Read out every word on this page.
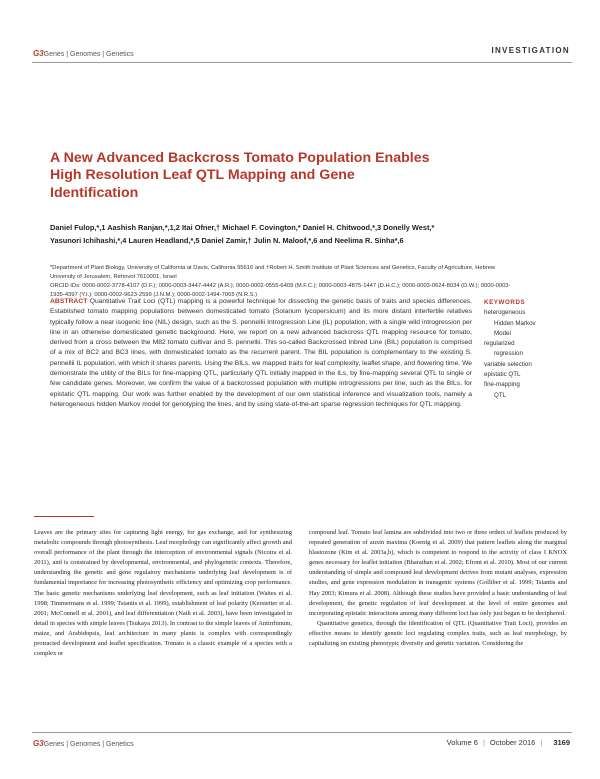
G3Genes | Genomes | Genetics	INVESTIGATION
A New Advanced Backcross Tomato Population Enables High Resolution Leaf QTL Mapping and Gene Identification
Daniel Fulop,*,1 Aashish Ranjan,*,1,2 Itai Ofner,† Michael F. Covington,* Daniel H. Chitwood,*,3 Donelly West,* Yasunori Ichihashi,*,4 Lauren Headland,*,5 Daniel Zamir,† Julin N. Maloof,*,6 and Neelima R. Sinha*,6
*Department of Plant Biology, University of California at Davis, California 95616 and †Robert H. Smith Institute of Plant Sciences and Genetics, Faculty of Agriculture, Hebrew University of Jerusalem, Rehovot 7610001, Israel
ORCID IDs: 0000-0002-3778-4107 (D.F.); 0000-0003-3447-4442 (A.R.); 0000-0002-0555-6409 (M.F.C.); 0000-0003-4875-1447 (D.H.C.); 0000-0003-0624-8034 (D.W.); 0000-0003-1935-4397 (Y.I.); 0000-0002-9623-2599 (J.N.M.); 0000-0002-1494-7065 (N.R.S.)
ABSTRACT Quantitative Trait Loci (QTL) mapping is a powerful technique for dissecting the genetic basis of traits and species differences. Established tomato mapping populations between domesticated tomato (Solanum lycopersicum) and its more distant interfertile relatives typically follow a near isogenic line (NIL) design, such as the S. pennellii Introgression Line (IL) population, with a single wild introgression per line in an otherwise domesticated genetic background. Here, we report on a new advanced backcross QTL mapping resource for tomato, derived from a cross between the M82 tomato cultivar and S. pennellii. This so-called Backcrossed Inbred Line (BIL) population is comprised of a mix of BC2 and BC3 lines, with domesticated tomato as the recurrent parent. The BIL population is complementary to the existing S. pennellii IL population, with which it shares parents. Using the BILs, we mapped traits for leaf complexity, leaflet shape, and flowering time. We demonstrate the utility of the BILs for fine-mapping QTL, particularly QTL initially mapped in the ILs, by fine-mapping several QTL to single or few candidate genes. Moreover, we confirm the value of a backcrossed population with multiple introgressions per line, such as the BILs, for epistatic QTL mapping. Our work was further enabled by the development of our own statistical inference and visualization tools, namely a heterogeneous hidden Markov model for genotyping the lines, and by using state-of-the-art sparse regression techniques for QTL mapping.
KEYWORDS
heterogeneous
Hidden Markov
Model
regularized
regression
variable selection
epistatic QTL
fine-mapping
QTL

Leaves are the primary sites for capturing light energy, for gas exchange, and for synthesizing metabolic compounds through photosynthesis. Leaf morphology can significantly affect growth and overall performance of the plant through the interception of environmental signals (Nicotra et al. 2011), and is constrained by developmental, environmental, and phylogenetic contexts. Therefore, understanding the genetic and gene regulatory mechanisms underlying leaf development is of fundamental importance for increasing photosynthetic efficiency and optimizing crop performance. The basic genetic mechanisms underlying leaf development, such as leaf initiation (Waites et al. 1998; Timmermans et al. 1999; Tsiantis et al. 1999), establishment of leaf polarity (Kerstetter et al. 2001; McConnell et al. 2001), and leaf differentiation (Nath et al. 2003), have been investigated in detail in species with simple leaves (Tsukaya 2013). In contrast to the simple leaves of Antirrhinum, maize, and Arabidopsis, leaf architecture in many plants is complex with correspondingly protracted development and leaflet specification. Tomato is a classic example of a species with a complex or

compound leaf. Tomato leaf lamina are subdivided into two or three orders of leaflets produced by repeated generation of auxin maxima (Koenig et al. 2009) that pattern leaflets along the marginal blastozone (Kim et al. 2003a,b), which is competent to respond to the activity of class I KNOX genes necessary for leaflet initiation (Bharathan et al. 2002; Efroni et al. 2010). Most of our current understanding of simple and compound leaf development derives from mutant analyses, expression studies, and gene expression modulation in transgenic systems (Golliber et al. 1999; Tsiantis and Hay 2003; Kimura et al. 2008). Although these studies have provided a basic understanding of leaf development, the genetic regulation of leaf development at the level of entire genomes and incorporating epistatic interactions among many different loci has only just begun to be deciphered.

Quantitative genetics, through the identification of QTL (Quantitative Trait Loci), provides an effective means to identify genetic loci regulating complex traits, such as leaf morphology, by capitalizing on existing phenotypic diversity and genetic variation. Considering the

G3Genes | Genomes | Genetics	Volume 6 | October 2016 | 3169
